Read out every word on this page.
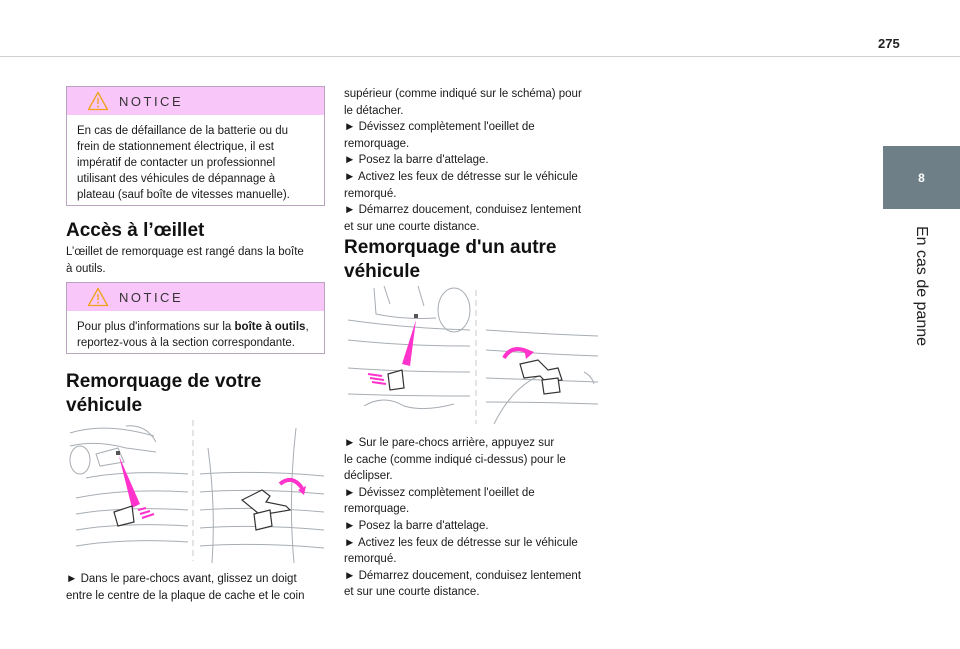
275
8
En cas de panne
NOTICE
En cas de défaillance de la batterie ou du
frein de stationnement électrique, il est
impératif de contacter un professionnel
utilisant des véhicules de dépannage à
plateau (sauf boîte de vitesses manuelle).
Accès à l’œillet

L’œillet de remorquage est rangé dans la boîte

à outils.

NOTICE
Pour plus d'informations sur la boîte à outils,
reportez-vous à la section correspondante.
Remorquage de votre
véhicule

► Dans le pare-chocs avant, glissez un doigt

entre le centre de la plaque de cache et le coin

supérieur (comme indiqué sur le schéma) pour

le détacher.

► Dévissez complètement l'oeillet de

remorquage.

► Posez la barre d'attelage.

► Activez les feux de détresse sur le véhicule

remorqué.

► Démarrez doucement, conduisez lentement

et sur une courte distance.

Remorquage d'un autre
véhicule

► Sur le pare-chocs arrière, appuyez sur

le cache (comme indiqué ci-dessus) pour le

déclipser.

► Dévissez complètement l'oeillet de

remorquage.

► Posez la barre d'attelage.

► Activez les feux de détresse sur le véhicule

remorqué.

► Démarrez doucement, conduisez lentement

et sur une courte distance.
